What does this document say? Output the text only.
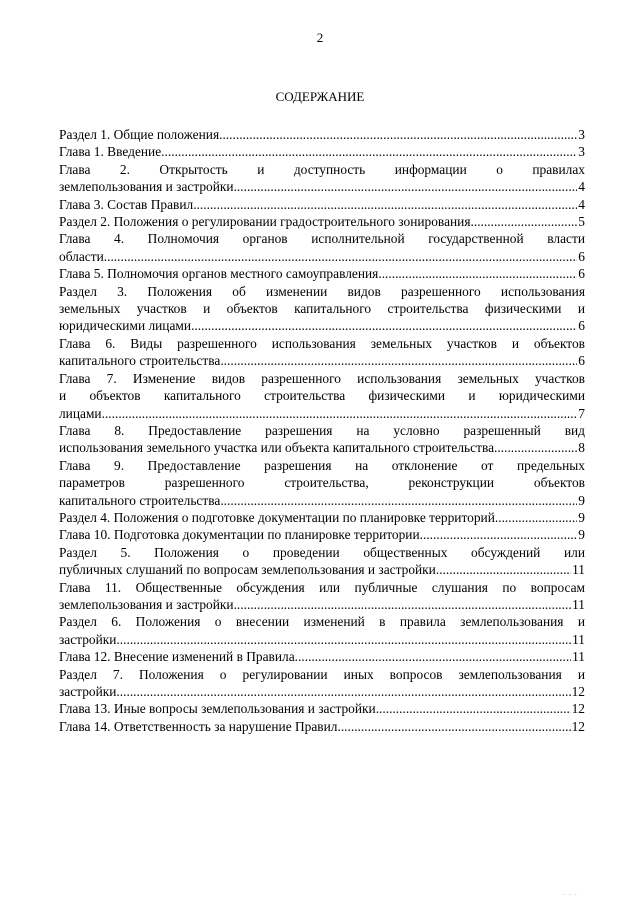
2
СОДЕРЖАНИЕ
Раздел 1. Общие положения .....	3
Глава 1. Введение .....	3
Глава 2. Открытость и доступность информации о правилах
землепользования и застройки .....	4
Глава 3. Состав Правил .....	4
Раздел 2. Положения о регулировании градостроительного зонирования .....	5
Глава 4. Полномочия органов исполнительной государственной власти
области .....	6
Глава 5. Полномочия органов местного самоуправления .....	6
Раздел 3. Положения об изменении видов разрешенного использования
земельных участков и объектов капитального строительства физическими и
юридическими лицами .....	6
Глава 6. Виды разрешенного использования земельных участков и объектов
капитального строительства .....	6
Глава 7. Изменение видов разрешенного использования земельных участков
и объектов капитального строительства физическими и юридическими
лицами .....	7
Глава 8. Предоставление разрешения на условно разрешенный вид
использования земельного участка или объекта капитального строительства .....	8
Глава 9. Предоставление разрешения на отклонение от предельных
параметров разрешенного строительства, реконструкции объектов
капитального строительства .....	9
Раздел 4. Положения о подготовке документации по планировке территорий .....	9
Глава 10. Подготовка документации по планировке территории .....	9
Раздел 5. Положения о проведении общественных обсуждений или
публичных слушаний по вопросам землепользования и застройки .....	11
Глава 11. Общественные обсуждения или публичные слушания по вопросам
землепользования и застройки .....	11
Раздел 6. Положения о внесении изменений в правила землепользования и
застройки .....	11
Глава 12. Внесение изменений в Правила .....	11
Раздел 7. Положения о регулировании иных вопросов землепользования и
застройки .....	12
Глава 13. Иные вопросы землепользования и застройки .....	12
Глава 14. Ответственность за нарушение Правил .....	12
· · ·
